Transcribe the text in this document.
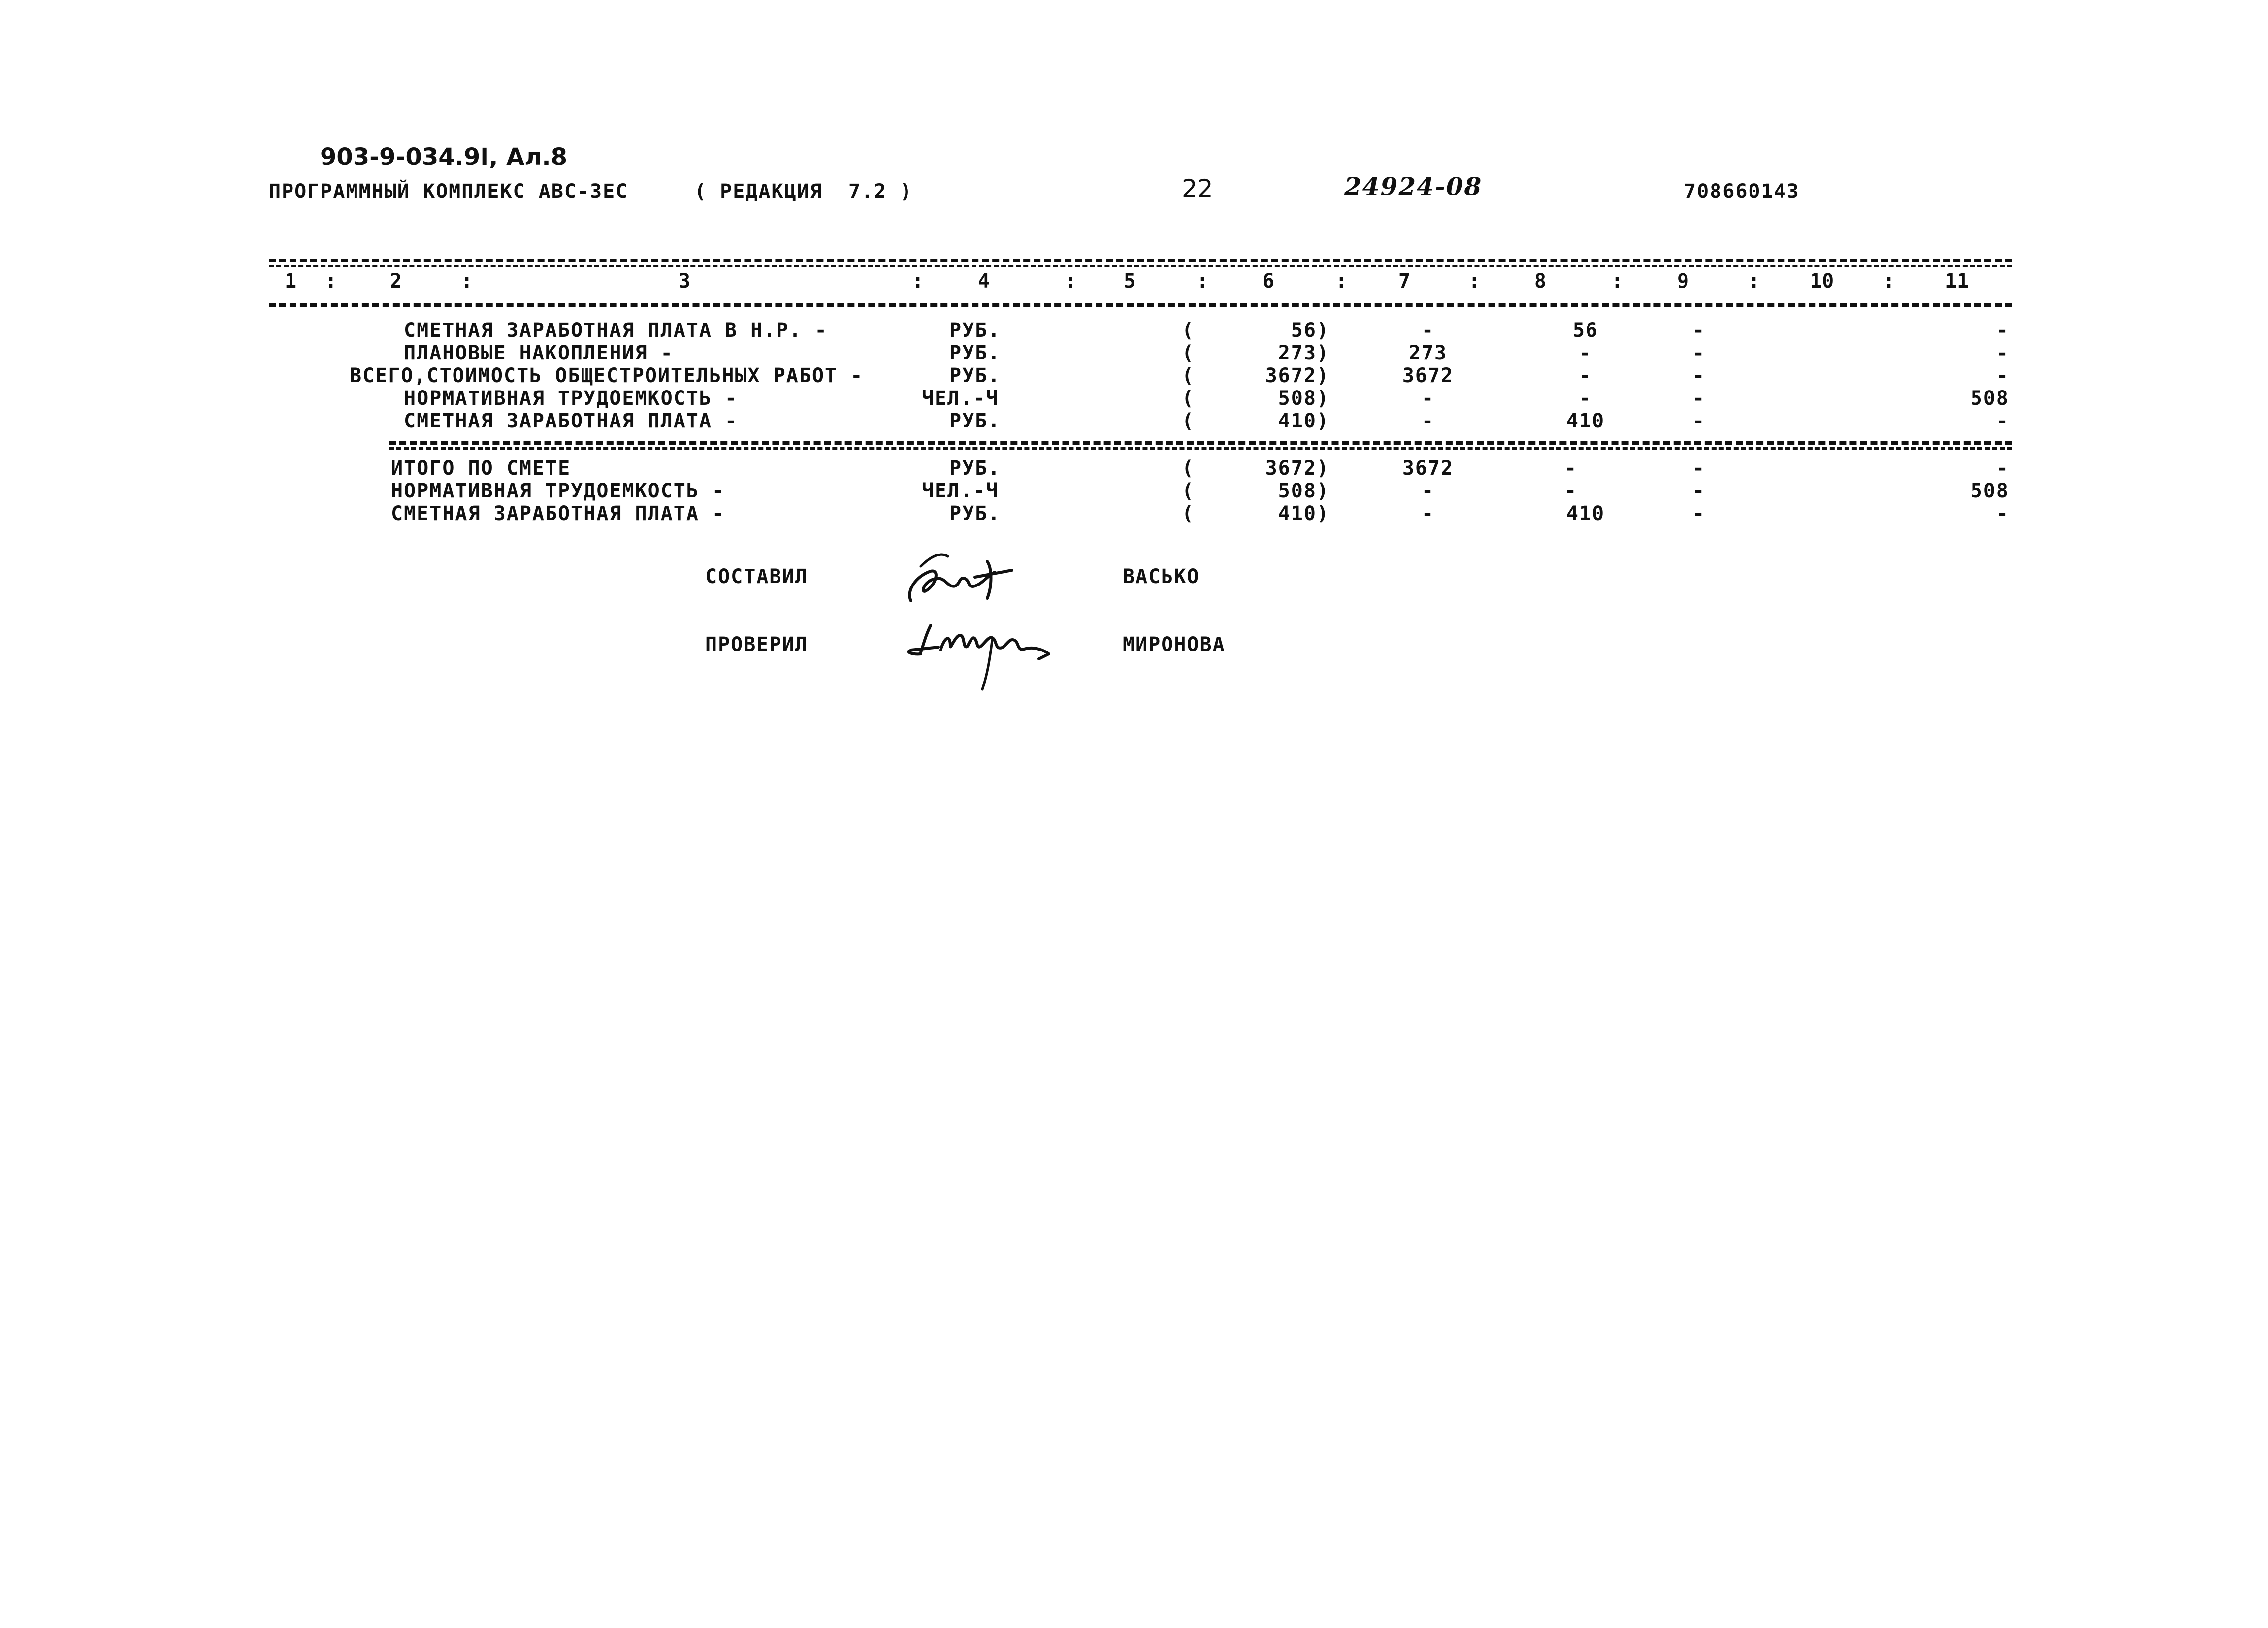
903-9-034.9I, Ал.8
ПРОГРАММНЫЙ КОМПЛЕКС АВС-3ЕС	( РЕДАКЦИЯ  7.2 )	22	24924-08	708660143
1 :	2	:	3	:	4	: 5	:	6	:	7	:	8	:	9	:	10 :	11
СМЕТНАЯ ЗАРАБОТНАЯ ПЛАТА В Н.Р. -	РУБ.	(	56)	-	56	-	-
ПЛАНОВЫЕ НАКОПЛЕНИЯ -	РУБ.	(	273)	273	-	-	-
ВСЕГО,СТОИМОСТЬ ОБЩЕСТРОИТЕЛЬНЫХ РАБОТ -	РУБ.	(	3672)	3672	-	-	-
НОРМАТИВНАЯ ТРУДОЕМКОСТЬ -	ЧЕЛ.-Ч	(	508)	-	-	-	508
СМЕТНАЯ ЗАРАБОТНАЯ ПЛАТА -	РУБ.	(	410)	-	410	-	-
ИТОГО ПО СМЕТЕ	РУБ.	(	3672)	3672	-	-	-
НОРМАТИВНАЯ ТРУДОЕМКОСТЬ -	ЧЕЛ.-Ч	(	508)	-	-	-	508
СМЕТНАЯ ЗАРАБОТНАЯ ПЛАТА -	РУБ.	(	410)	-	410	-	-
СОСТАВИЛ	ВАСЬКО
ПРОВЕРИЛ	МИРОНОВА
